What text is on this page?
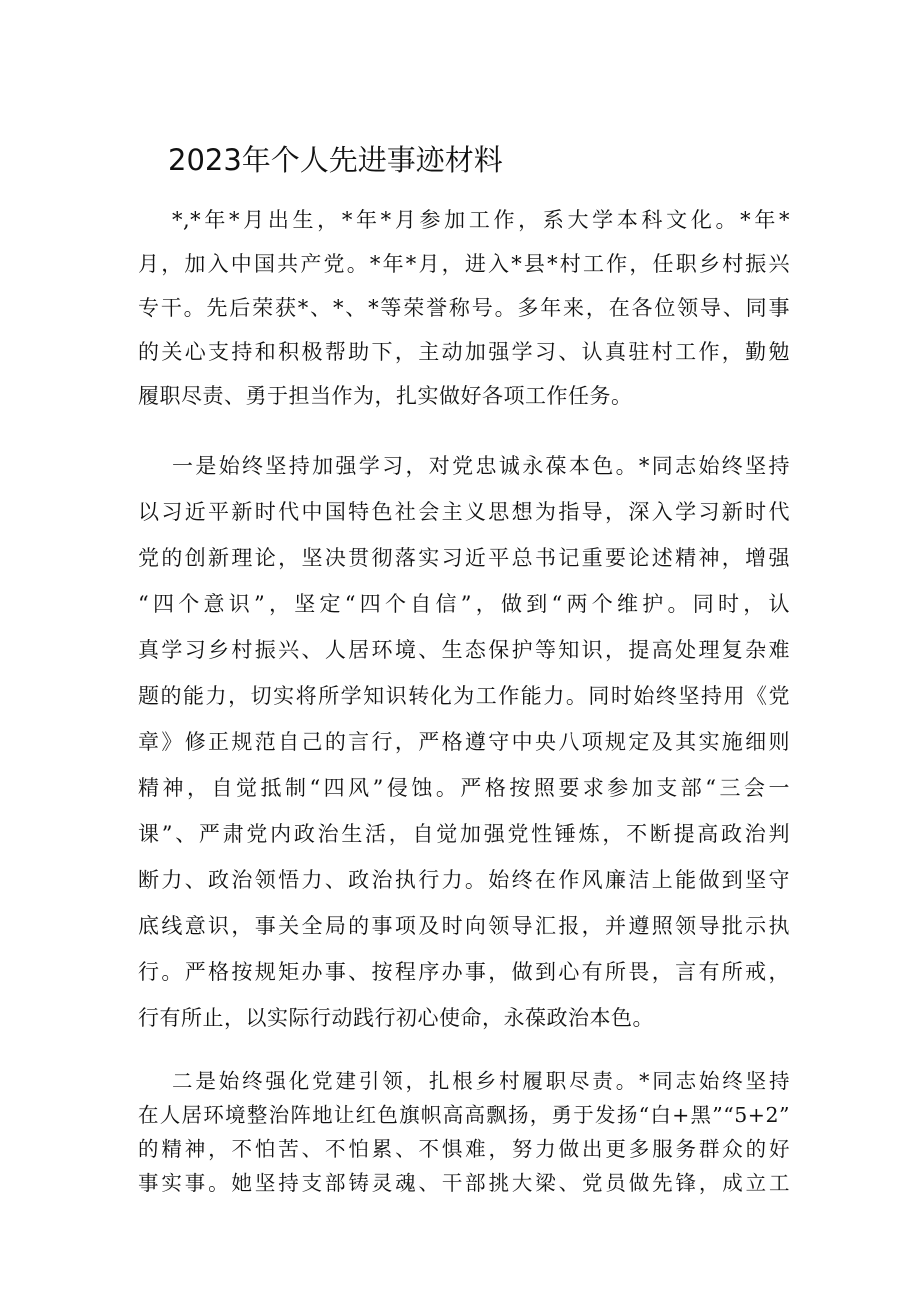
2023年个人先进事迹材料
*,*年*月出生，*年*月参加工作，系大学本科文化。*年*
月，加入中国共产党。*年*月，进入*县*村工作，任职乡村振兴
专干。先后荣获*、*、*等荣誉称号。多年来，在各位领导、同事
的关心支持和积极帮助下，主动加强学习、认真驻村工作，勤勉
履职尽责、勇于担当作为，扎实做好各项工作任务。
一是始终坚持加强学习，对党忠诚永葆本色。*同志始终坚持
以习近平新时代中国特色社会主义思想为指导，深入学习新时代
党的创新理论，坚决贯彻落实习近平总书记重要论述精神，增强
“四个意识”，坚定“四个自信”，做到“两个维护。同时，认
真学习乡村振兴、人居环境、生态保护等知识，提高处理复杂难
题的能力，切实将所学知识转化为工作能力。同时始终坚持用《党
章》修正规范自己的言行，严格遵守中央八项规定及其实施细则
精神，自觉抵制“四风”侵蚀。严格按照要求参加支部“三会一
课”、严肃党内政治生活，自觉加强党性锤炼，不断提高政治判
断力、政治领悟力、政治执行力。始终在作风廉洁上能做到坚守
底线意识，事关全局的事项及时向领导汇报，并遵照领导批示执
行。严格按规矩办事、按程序办事，做到心有所畏，言有所戒，
行有所止，以实际行动践行初心使命，永葆政治本色。
二是始终强化党建引领，扎根乡村履职尽责。*同志始终坚持
在人居环境整治阵地让红色旗帜高高飘扬，勇于发扬“白+黑”“5+2”
的精神，不怕苦、不怕累、不惧难，努力做出更多服务群众的好
事实事。她坚持支部铸灵魂、干部挑大梁、党员做先锋，成立工
